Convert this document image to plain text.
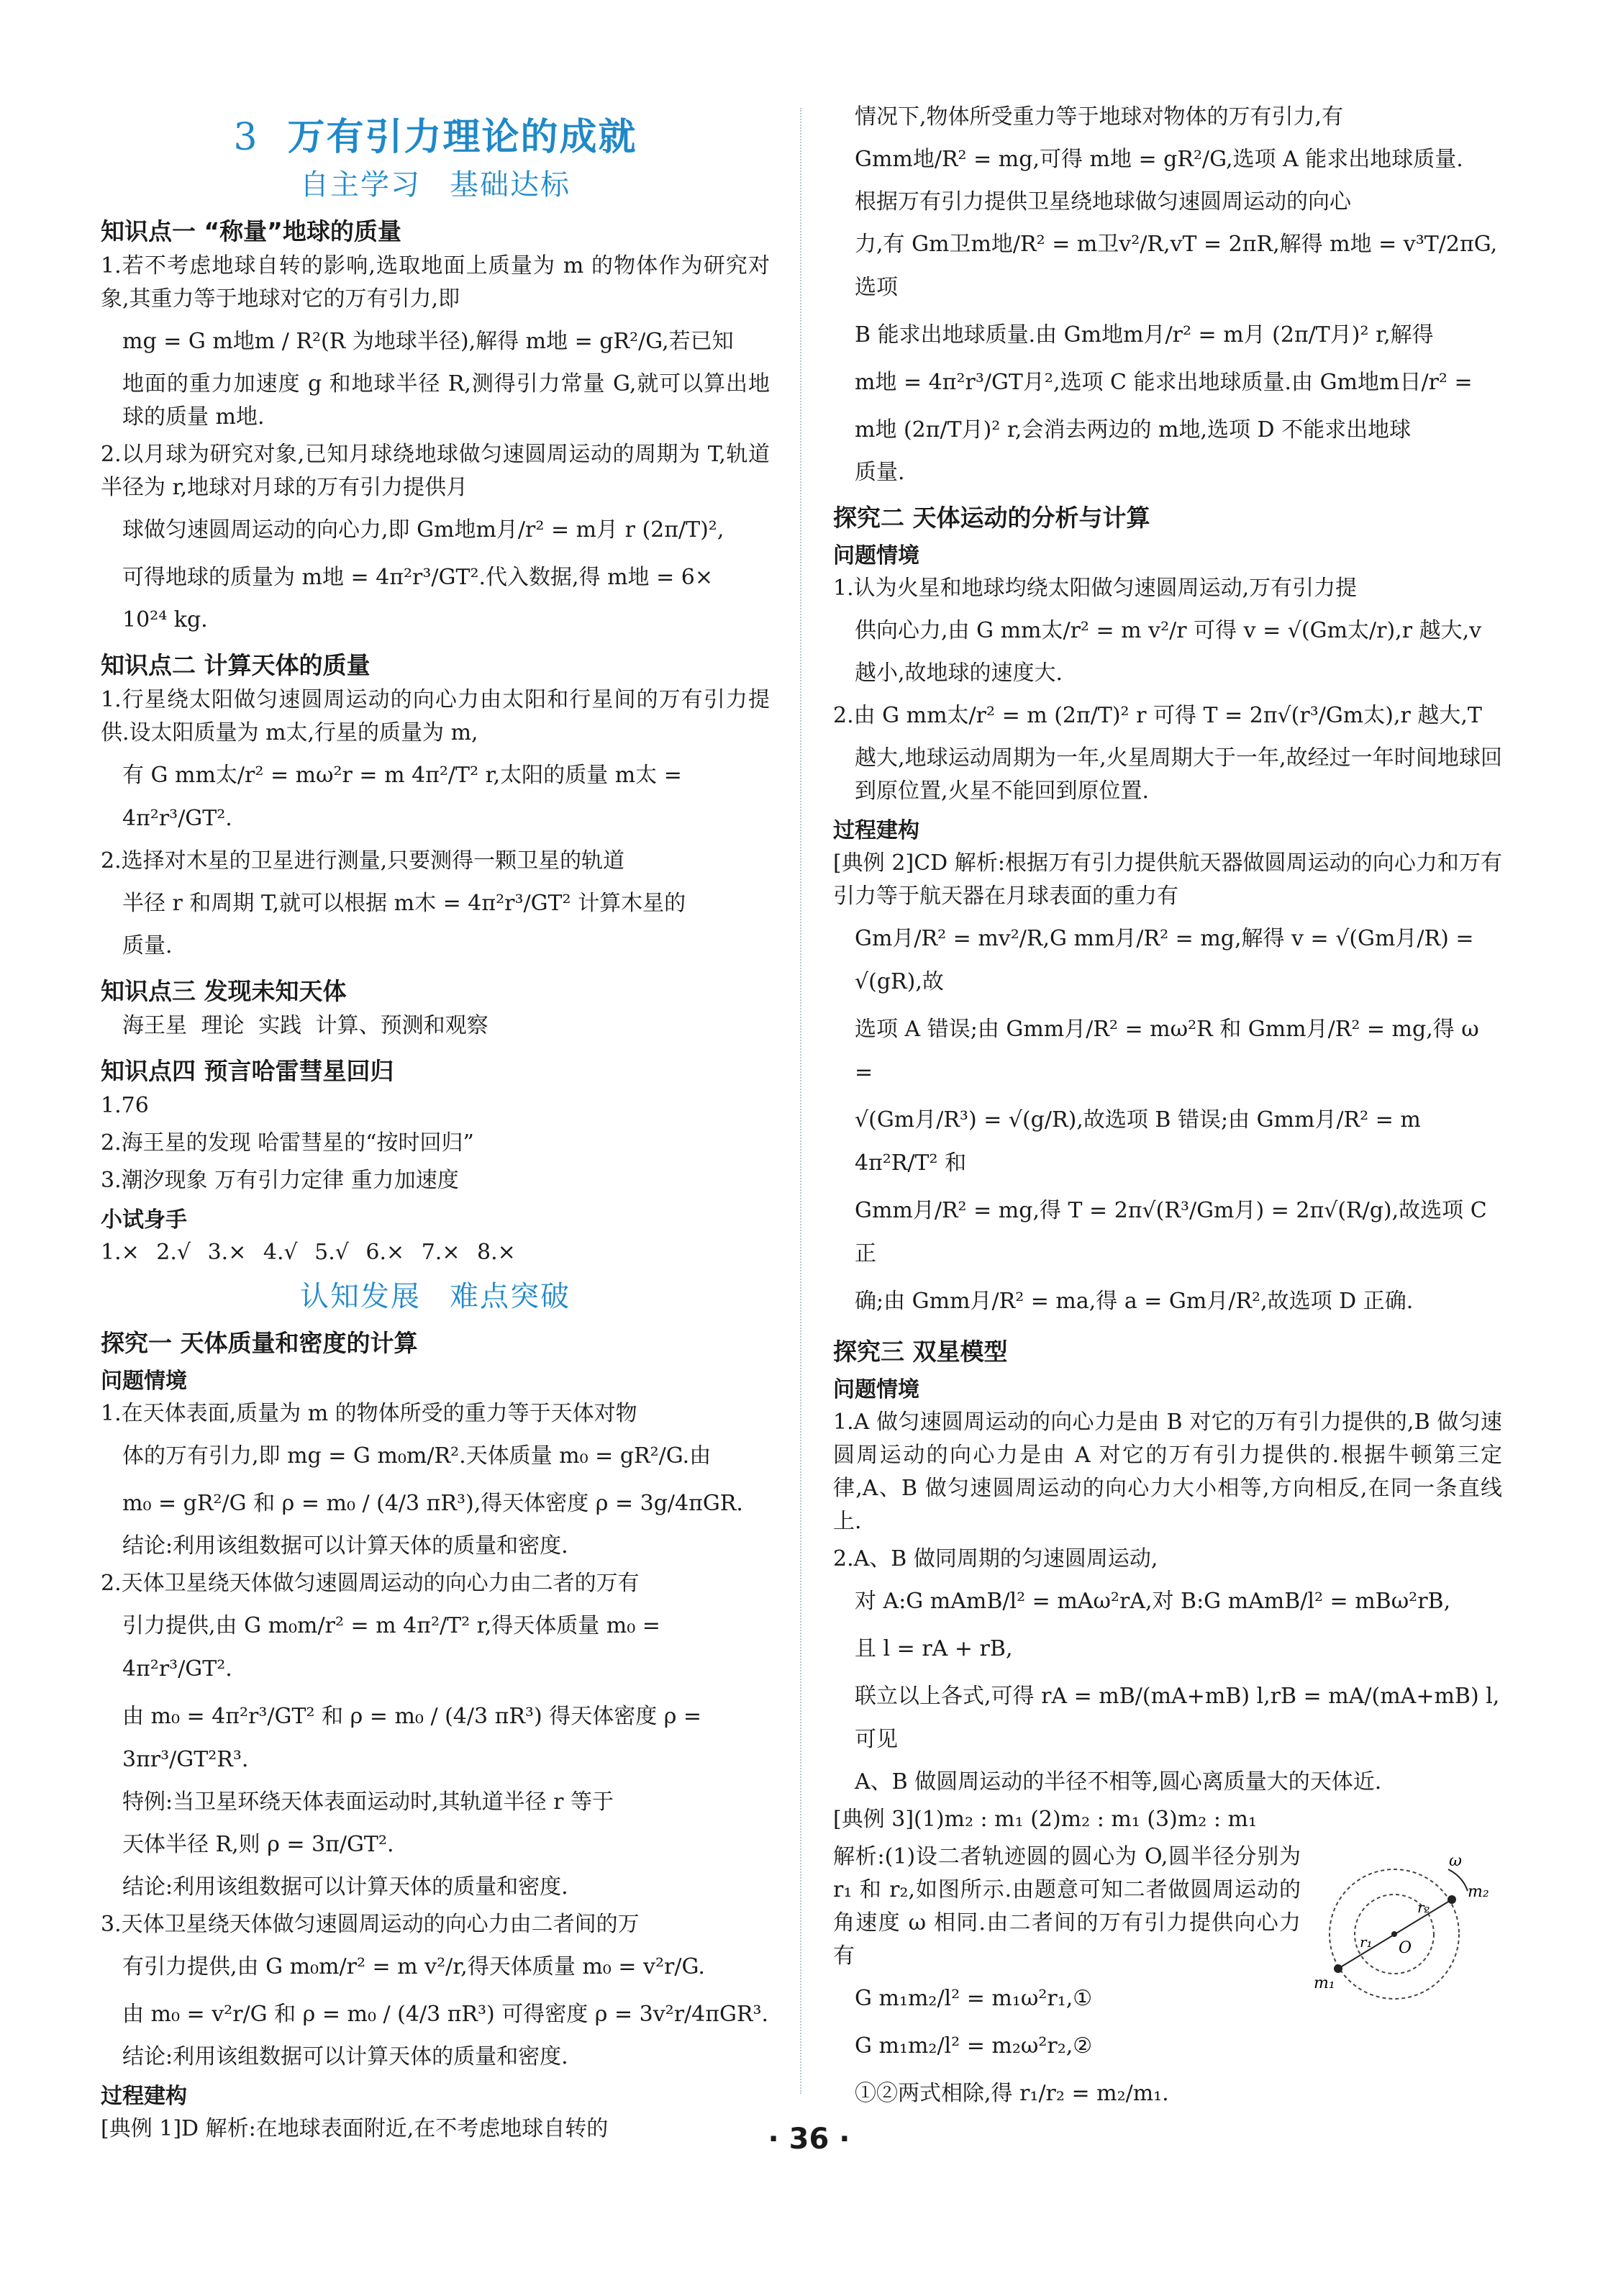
3 万有引力理论的成就
自主学习 基础达标
知识点一 “称量”地球的质量
1.若不考虑地球自转的影响,选取地面上质量为 m 的物体作为研究对象,其重力等于地球对它的万有引力,即
mg = G m地m / R²(R 为地球半径),解得 m地 = gR²/G,若已知
地面的重力加速度 g 和地球半径 R,测得引力常量 G,就可以算出地球的质量 m地.
2.以月球为研究对象,已知月球绕地球做匀速圆周运动的周期为 T,轨道半径为 r,地球对月球的万有引力提供月
球做匀速圆周运动的向心力,即 Gm地m月/r² = m月 r (2π/T)²,
可得地球的质量为 m地 = 4π²r³/GT².代入数据,得 m地 = 6×
10²⁴ kg.
知识点二 计算天体的质量
1.行星绕太阳做匀速圆周运动的向心力由太阳和行星间的万有引力提供.设太阳质量为 m太,行星的质量为 m,
有 G mm太/r² = mω²r = m 4π²/T² r,太阳的质量 m太 = 4π²r³/GT².
2.选择对木星的卫星进行测量,只要测得一颗卫星的轨道
半径 r 和周期 T,就可以根据 m木 = 4π²r³/GT² 计算木星的
质量.
知识点三 发现未知天体
海王星 理论 实践 计算、预测和观察
知识点四 预言哈雷彗星回归
1.76
2.海王星的发现 哈雷彗星的“按时回归”
3.潮汐现象 万有引力定律 重力加速度
小试身手
1.× 2.√ 3.× 4.√ 5.√ 6.× 7.× 8.×
认知发展 难点突破
探究一 天体质量和密度的计算
问题情境
1.在天体表面,质量为 m 的物体所受的重力等于天体对物
体的万有引力,即 mg = G m₀m/R².天体质量 m₀ = gR²/G.由
m₀ = gR²/G 和 ρ = m₀ / (4/3 πR³),得天体密度 ρ = 3g/4πGR.
结论:利用该组数据可以计算天体的质量和密度.
2.天体卫星绕天体做匀速圆周运动的向心力由二者的万有
引力提供,由 G m₀m/r² = m 4π²/T² r,得天体质量 m₀ = 4π²r³/GT².
由 m₀ = 4π²r³/GT² 和 ρ = m₀ / (4/3 πR³) 得天体密度 ρ = 3πr³/GT²R³.
特例:当卫星环绕天体表面运动时,其轨道半径 r 等于
天体半径 R,则 ρ = 3π/GT².
结论:利用该组数据可以计算天体的质量和密度.
3.天体卫星绕天体做匀速圆周运动的向心力由二者间的万
有引力提供,由 G m₀m/r² = m v²/r,得天体质量 m₀ = v²r/G.
由 m₀ = v²r/G 和 ρ = m₀ / (4/3 πR³) 可得密度 ρ = 3v²r/4πGR³.
结论:利用该组数据可以计算天体的质量和密度.
过程建构
[典例 1]D 解析:在地球表面附近,在不考虑地球自转的
情况下,物体所受重力等于地球对物体的万有引力,有
Gmm地/R² = mg,可得 m地 = gR²/G,选项 A 能求出地球质量.
根据万有引力提供卫星绕地球做匀速圆周运动的向心
力,有 Gm卫m地/R² = m卫v²/R,vT = 2πR,解得 m地 = v³T/2πG,选项
B 能求出地球质量.由 Gm地m月/r² = m月 (2π/T月)² r,解得
m地 = 4π²r³/GT月²,选项 C 能求出地球质量.由 Gm地m日/r² =
m地 (2π/T月)² r,会消去两边的 m地,选项 D 不能求出地球
质量.
探究二 天体运动的分析与计算
问题情境
1.认为火星和地球均绕太阳做匀速圆周运动,万有引力提
供向心力,由 G mm太/r² = m v²/r 可得 v = √(Gm太/r),r 越大,v
越小,故地球的速度大.
2.由 G mm太/r² = m (2π/T)² r 可得 T = 2π√(r³/Gm太),r 越大,T
越大,地球运动周期为一年,火星周期大于一年,故经过一年时间地球回到原位置,火星不能回到原位置.
过程建构
[典例 2]CD 解析:根据万有引力提供航天器做圆周运动的向心力和万有引力等于航天器在月球表面的重力有
Gm月/R² = mv²/R,G mm月/R² = mg,解得 v = √(Gm月/R) = √(gR),故
选项 A 错误;由 Gmm月/R² = mω²R 和 Gmm月/R² = mg,得 ω =
√(Gm月/R³) = √(g/R),故选项 B 错误;由 Gmm月/R² = m 4π²R/T² 和
Gmm月/R² = mg,得 T = 2π√(R³/Gm月) = 2π√(R/g),故选项 C 正
确;由 Gmm月/R² = ma,得 a = Gm月/R²,故选项 D 正确.
探究三 双星模型
问题情境
1.A 做匀速圆周运动的向心力是由 B 对它的万有引力提供的,B 做匀速圆周运动的向心力是由 A 对它的万有引力提供的.根据牛顿第三定律,A、B 做匀速圆周运动的向心力大小相等,方向相反,在同一条直线上.
2.A、B 做同周期的匀速圆周运动,
对 A:G mAmB/l² = mAω²rA,对 B:G mAmB/l² = mBω²rB,
且 l = rA + rB,
联立以上各式,可得 rA = mB/(mA+mB) l,rB = mA/(mA+mB) l,可见
A、B 做圆周运动的半径不相等,圆心离质量大的天体近.
[典例 3](1)m₂ : m₁ (2)m₂ : m₁ (3)m₂ : m₁
ω
m₁
m₂
r₁
r₂
O
解析:(1)设二者轨迹圆的圆心为 O,圆半径分别为 r₁ 和 r₂,如图所示.由题意可知二者做圆周运动的角速度 ω 相同.由二者间的万有引力提供向心力有
G m₁m₂/l² = m₁ω²r₁,①
G m₁m₂/l² = m₂ω²r₂,②
①②两式相除,得 r₁/r₂ = m₂/m₁.
· 36 ·
